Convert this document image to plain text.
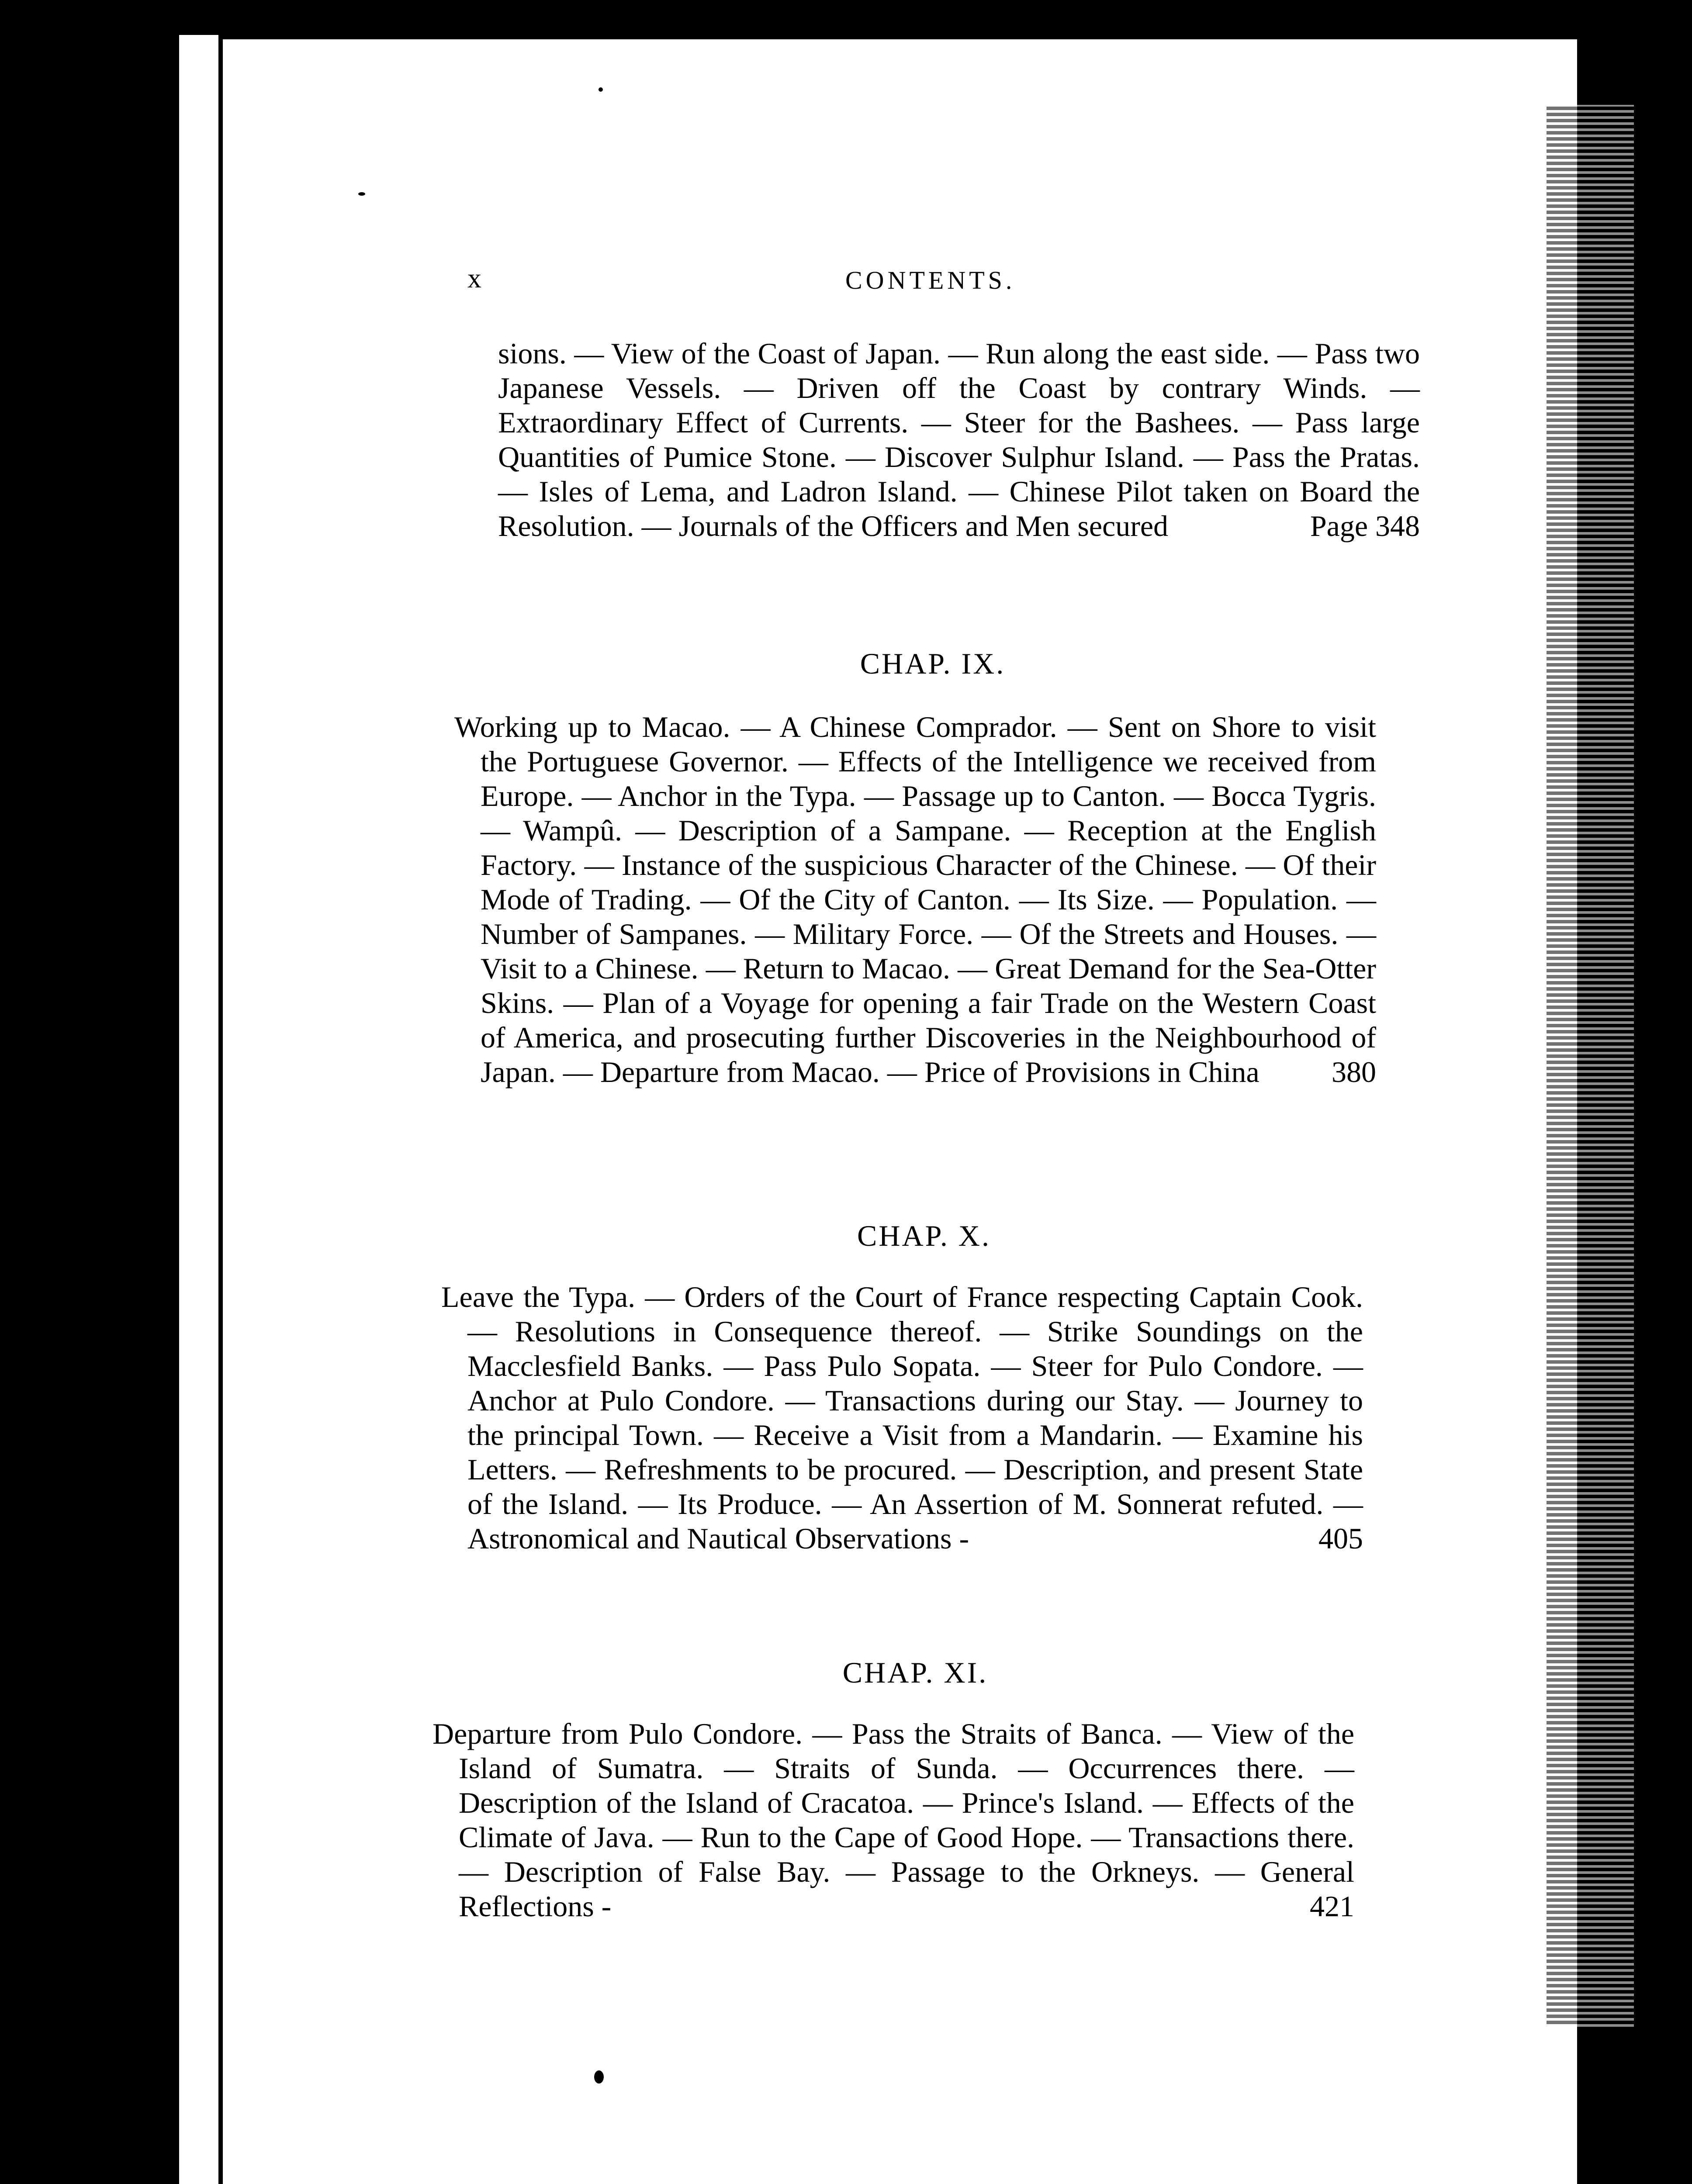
x	CONTENTS.

sions. — View of the Coast of Japan. — Run along the east side. — Pass two Japanese Vessels. — Driven off the Coast by contrary Winds. — Extraordinary Effect of Currents. — Steer for the Bashees. — Pass large Quantities of Pumice Stone. — Discover Sulphur Island. — Pass the Pratas. — Isles of Lema, and Ladron Island. — Chinese Pilot taken on Board the Resolution. — Journals of the Officers and Men secured	Page 348

CHAP. IX.

Working up to Macao. — A Chinese Comprador. — Sent on Shore to visit the Portuguese Governor. — Effects of the Intelligence we received from Europe. — Anchor in the Typa. — Passage up to Canton. — Bocca Tygris. — Wampû. — Description of a Sampane. — Reception at the English Factory. — Instance of the suspicious Character of the Chinese. — Of their Mode of Trading. — Of the City of Canton. — Its Size. — Population. — Number of Sampanes. — Military Force. — Of the Streets and Houses. — Visit to a Chinese. — Return to Macao. — Great Demand for the Sea-Otter Skins. — Plan of a Voyage for opening a fair Trade on the Western Coast of America, and prosecuting further Discoveries in the Neighbourhood of Japan. — Departure from Macao. — Price of Provisions in China 380

CHAP. X.

Leave the Typa. — Orders of the Court of France respecting Captain Cook. — Resolutions in Consequence thereof. — Strike Soundings on the Macclesfield Banks. — Pass Pulo Sopata. — Steer for Pulo Condore. — Anchor at Pulo Condore. — Transactions during our Stay. — Journey to the principal Town. — Receive a Visit from a Mandarin. — Examine his Letters. — Refreshments to be procured. — Description, and present State of the Island. — Its Produce. — An Assertion of M. Sonnerat refuted. — Astronomical and Nautical Observations -	405

CHAP. XI.

Departure from Pulo Condore. — Pass the Straits of Banca. — View of the Island of Sumatra. — Straits of Sunda. — Occurrences there. — Description of the Island of Cracatoa. — Prince's Island. — Effects of the Climate of Java. — Run to the Cape of Good Hope. — Transactions there. — Description of False Bay. — Passage to the Orkneys. — General Reflections -	421
